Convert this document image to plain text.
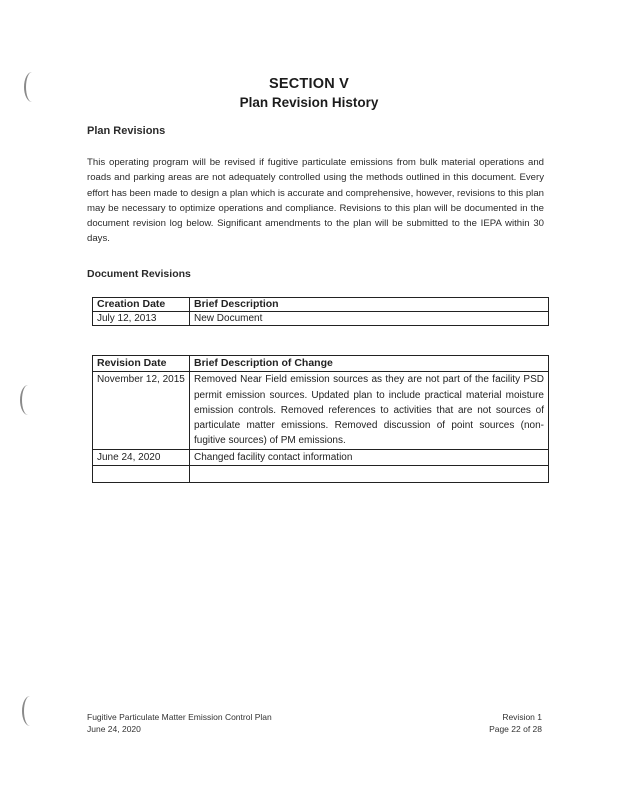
SECTION V
Plan Revision History
Plan Revisions
This operating program will be revised if fugitive particulate emissions from bulk material operations and roads and parking areas are not adequately controlled using the methods outlined in this document. Every effort has been made to design a plan which is accurate and comprehensive, however, revisions to this plan may be necessary to optimize operations and compliance. Revisions to this plan will be documented in the document revision log below. Significant amendments to the plan will be submitted to the IEPA within 30 days.
Document Revisions
Creation Date	Brief Description
July 12, 2013	New Document
Revision Date	Brief Description of Change
November 12, 2015	Removed Near Field emission sources as they are not part of the facility PSD permit emission sources. Updated plan to include practical material moisture emission controls. Removed references to activities that are not sources of particulate matter emissions. Removed discussion of point sources (non-fugitive sources) of PM emissions.
June 24, 2020	Changed facility contact information

Fugitive Particulate Matter Emission Control Plan
June 24, 2020
Revision 1
Page 22 of 28
